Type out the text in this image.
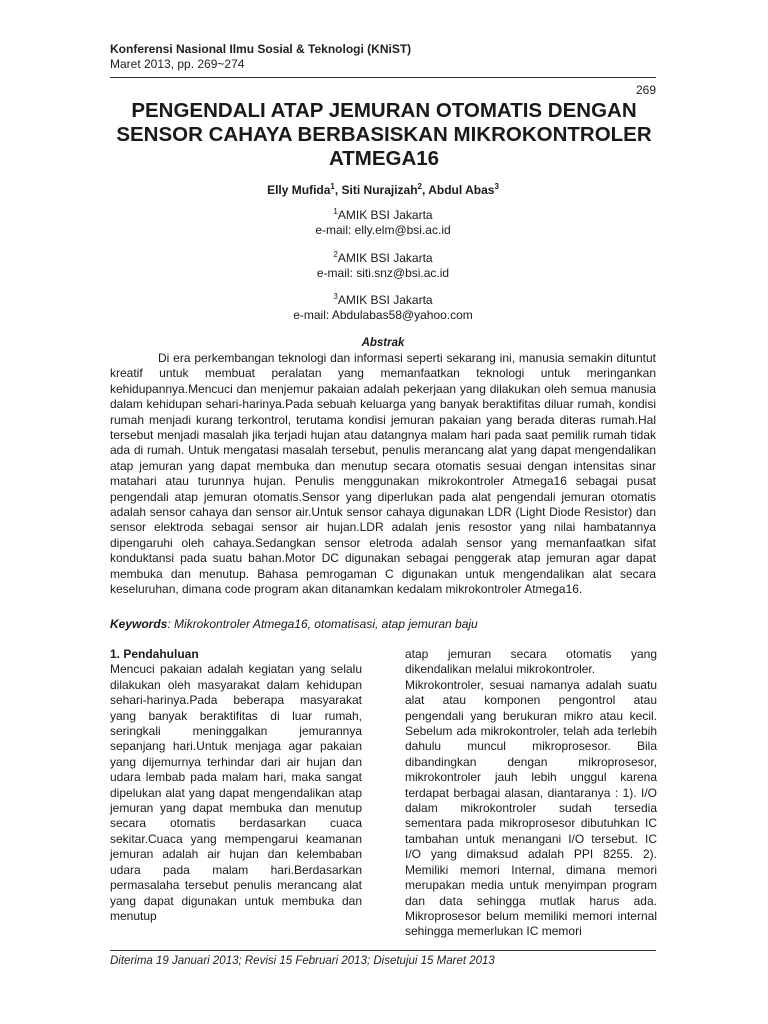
Konferensi Nasional Ilmu Sosial & Teknologi (KNiST)
Maret 2013, pp. 269~274
269
PENGENDALI ATAP JEMURAN OTOMATIS DENGAN
SENSOR CAHAYA BERBASISKAN MIKROKONTROLER
ATMEGA16
Elly Mufida$^1$, Siti Nurajizah$^2$, Abdul Abas$^3$
$^1$AMIK BSI Jakarta
e-mail: elly.elm@bsi.ac.id
$^2$AMIK BSI Jakarta
e-mail: siti.snz@bsi.ac.id
$^3$AMIK BSI Jakarta
e-mail: Abdulabas58@yahoo.com
Abstrak

Di era perkembangan teknologi dan informasi seperti sekarang ini, manusia semakin dituntut kreatif untuk membuat peralatan yang memanfaatkan teknologi untuk meringankan kehidupannya.Mencuci dan menjemur pakaian adalah pekerjaan yang dilakukan oleh semua manusia dalam kehidupan sehari-harinya.Pada sebuah keluarga yang banyak beraktifitas diluar rumah, kondisi rumah menjadi kurang terkontrol, terutama kondisi jemuran pakaian yang berada diteras rumah.Hal tersebut menjadi masalah jika terjadi hujan atau datangnya malam hari pada saat pemilik rumah tidak ada di rumah. Untuk mengatasi masalah tersebut, penulis merancang alat yang dapat mengendalikan atap jemuran yang dapat membuka dan menutup secara otomatis sesuai dengan intensitas sinar matahari atau turunnya hujan. Penulis menggunakan mikrokontroler Atmega16 sebagai pusat pengendali atap jemuran otomatis.Sensor yang diperlukan pada alat pengendali jemuran otomatis adalah sensor cahaya dan sensor air.Untuk sensor cahaya digunakan LDR (Light Diode Resistor) dan sensor elektroda sebagai sensor air hujan.LDR adalah jenis resostor yang nilai hambatannya dipengaruhi oleh cahaya.Sedangkan sensor eletroda adalah sensor yang memanfaatkan sifat konduktansi pada suatu bahan.Motor DC digunakan sebagai penggerak atap jemuran agar dapat membuka dan menutup. Bahasa pemrogaman C digunakan untuk mengendalikan alat secara keseluruhan, dimana code program akan ditanamkan kedalam mikrokontroler Atmega16.

Keywords: Mikrokontroler Atmega16, otomatisasi, atap jemuran baju

1. Pendahuluan

Mencuci pakaian adalah kegiatan yang selalu dilakukan oleh masyarakat dalam kehidupan sehari-harinya.Pada beberapa masyarakat yang banyak beraktifitas di luar rumah, seringkali meninggalkan jemurannya sepanjang hari.Untuk menjaga agar pakaian yang dijemurnya terhindar dari air hujan dan udara lembab pada malam hari, maka sangat dipelukan alat yang dapat mengendalikan atap jemuran yang dapat membuka dan menutup secara otomatis berdasarkan cuaca sekitar.Cuaca yang mempengarui keamanan jemuran adalah air hujan dan kelembaban udara pada malam hari.Berdasarkan permasalaha tersebut penulis merancang alat yang dapat digunakan untuk membuka dan menutup

atap jemuran secara otomatis yang dikendalikan melalui mikrokontroler.

Mikrokontroler, sesuai namanya adalah suatu alat atau komponen pengontrol atau pengendali yang berukuran mikro atau kecil. Sebelum ada mikrokontroler, telah ada terlebih dahulu muncul mikroprosesor. Bila dibandingkan dengan mikroprosesor, mikrokontroler jauh lebih unggul karena terdapat berbagai alasan, diantaranya : 1). I/O dalam mikrokontroler sudah tersedia sementara pada mikroprosesor dibutuhkan IC tambahan untuk menangani I/O tersebut. IC I/O yang dimaksud adalah PPI 8255. 2). Memiliki memori Internal, dimana memori merupakan media untuk menyimpan program dan data sehingga mutlak harus ada. Mikroprosesor belum memiliki memori internal sehingga memerlukan IC memori

Diterima 19 Januari 2013; Revisi 15 Februari 2013; Disetujui 15 Maret 2013
